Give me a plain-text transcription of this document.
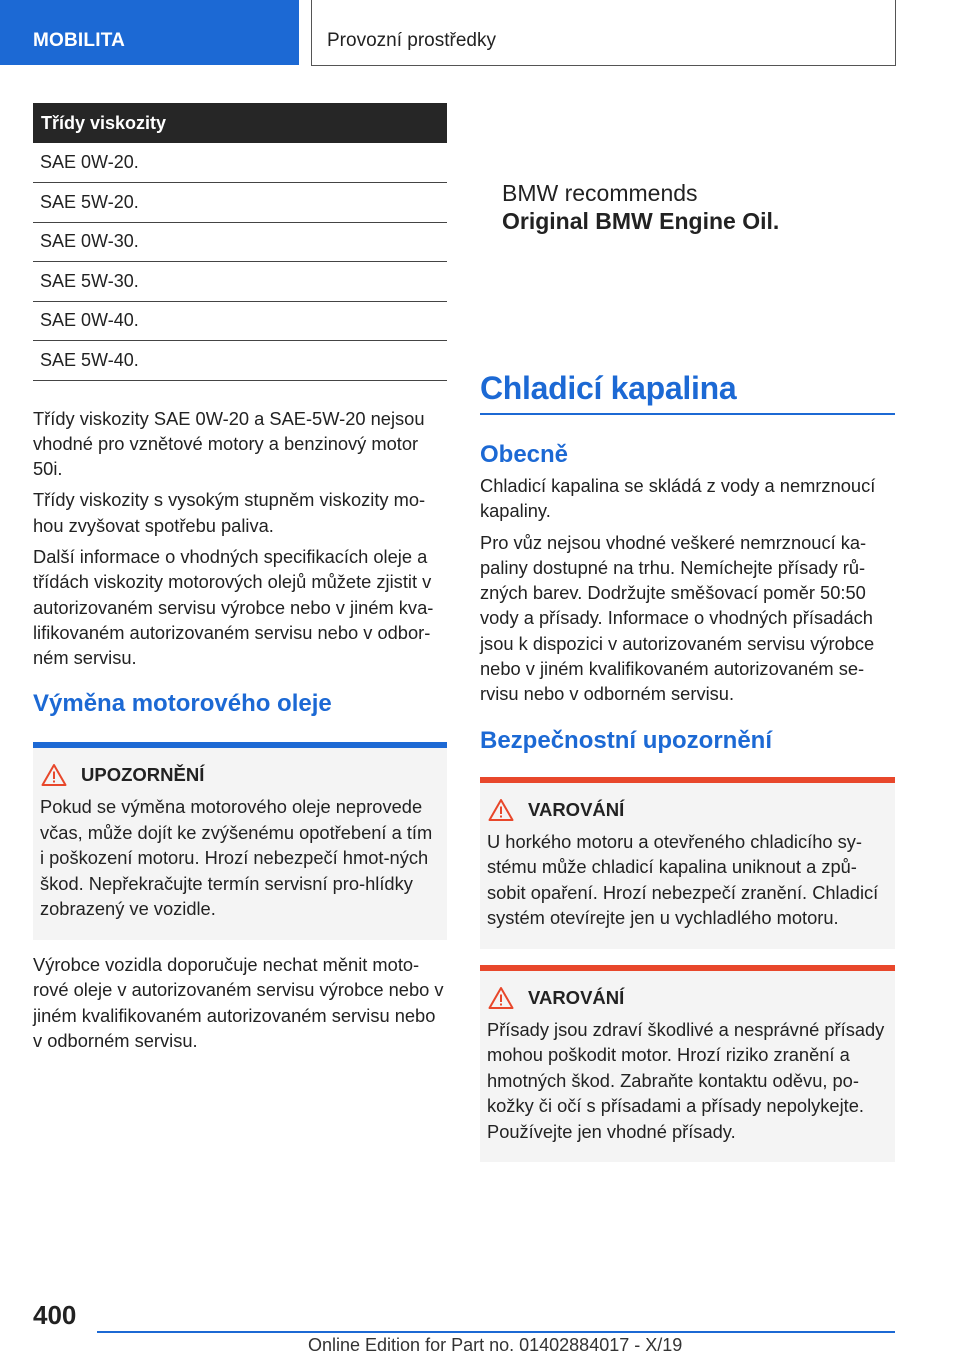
MOBILITA	Provozní prostředky
Třídy viskozity
SAE 0W-20.
SAE 5W-20.
SAE 0W-30.
SAE 5W-30.
SAE 0W-40.
SAE 5W-40.

Třídy viskozity SAE 0W-20 a SAE-5W-20 nejsou vhodné pro vznětové motory a benzinový motor 50i.

Třídy viskozity s vysokým stupněm viskozity mo‐hou zvyšovat spotřebu paliva.

Další informace o vhodných specifikacích oleje a třídách viskozity motorových olejů můžete zjistit v autorizovaném servisu výrobce nebo v jiném kva‐lifikovaném autorizovaném servisu nebo v odbor‐ném servisu.

Výměna motorového oleje
UPOZORNĚNÍ

Pokud se výměna motorového oleje neprovede včas, může dojít ke zvýšenému opotřebení a tím i poškození motoru. Hrozí nebezpečí hmot‐ných škod. Nepřekračujte termín servisní pro‐hlídky zobrazený ve vozidle.

Výrobce vozidla doporučuje nechat měnit moto‐rové oleje v autorizovaném servisu výrobce nebo v jiném kvalifikovaném autorizovaném servisu nebo v odborném servisu.

BMW recommends
Original BMW Engine Oil.
Chladicí kapalina
Obecně

Chladicí kapalina se skládá z vody a nemrznoucí kapaliny.

Pro vůz nejsou vhodné veškeré nemrznoucí ka‐paliny dostupné na trhu. Nemíchejte přísady rů‐zných barev. Dodržujte směšovací poměr 50:50 vody a přísady. Informace o vhodných přísadách jsou k dispozici v autorizovaném servisu výrobce nebo v jiném kvalifikovaném autorizovaném se‐rvisu nebo v odborném servisu.

Bezpečnostní upozornění
VAROVÁNÍ

U horkého motoru a otevřeného chladicího sy‐stému může chladicí kapalina uniknout a způ‐sobit opaření. Hrozí nebezpečí zranění. Chladicí systém otevírejte jen u vychladlého motoru.

VAROVÁNÍ

Přísady jsou zdraví škodlivé a nesprávné přísady mohou poškodit motor. Hrozí riziko zranění a hmotných škod. Zabraňte kontaktu oděvu, po‐kožky či očí s přísadami a přísady nepolykejte. Používejte jen vhodné přísady.

400
Online Edition for Part no. 01402884017 - X/19
